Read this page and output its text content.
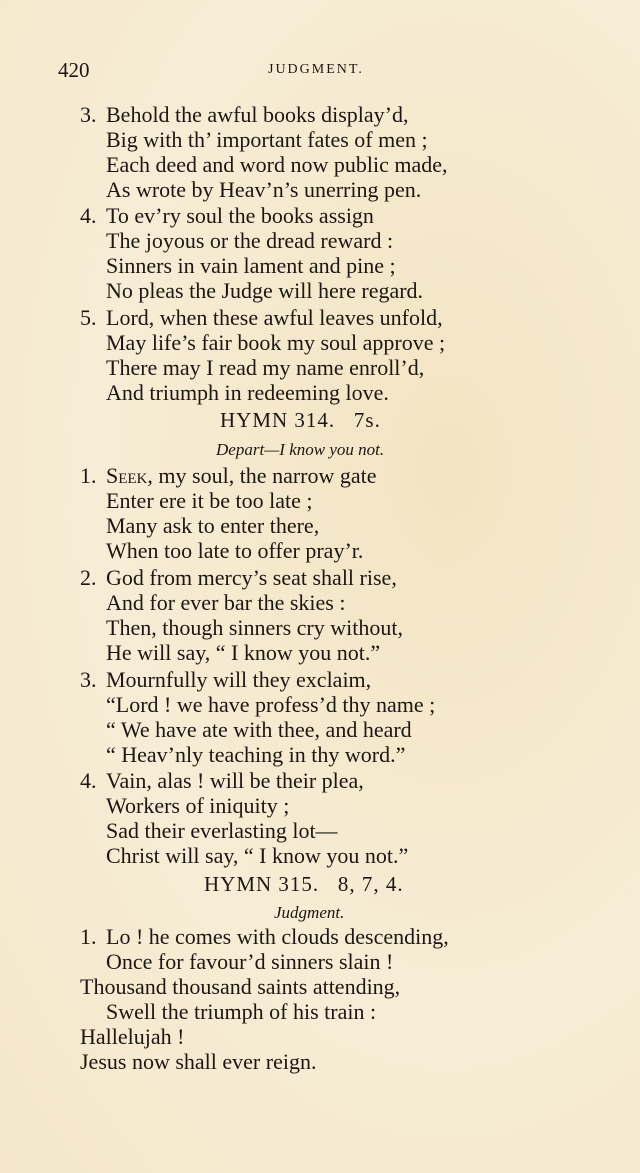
420	JUDGMENT.
3. Behold the awful books display’d,
Big with th’ important fates of men ;
Each deed and word now public made,
As wrote by Heav’n’s unerring pen.
4. To ev’ry soul the books assign
The joyous or the dread reward :
Sinners in vain lament and pine ;
No pleas the Judge will here regard.
5. Lord, when these awful leaves unfold,
May life’s fair book my soul approve ;
There may I read my name enroll’d,
And triumph in redeeming love.
HYMN 314. 7s.
Depart—I know you not.
1. Seek, my soul, the narrow gate
Enter ere it be too late ;
Many ask to enter there,
When too late to offer pray’r.
2. God from mercy’s seat shall rise,
And for ever bar the skies :
Then, though sinners cry without,
He will say, “ I know you not.”
3. Mournfully will they exclaim,
“Lord ! we have profess’d thy name ;
“ We have ate with thee, and heard
“ Heav’nly teaching in thy word.”
4. Vain, alas ! will be their plea,
Workers of iniquity ;
Sad their everlasting lot—
Christ will say, “ I know you not.”
HYMN 315. 8, 7, 4.
Judgment.
1. Lo ! he comes with clouds descending,
Once for favour’d sinners slain !
Thousand thousand saints attending,
Swell the triumph of his train :
Hallelujah !
Jesus now shall ever reign.
